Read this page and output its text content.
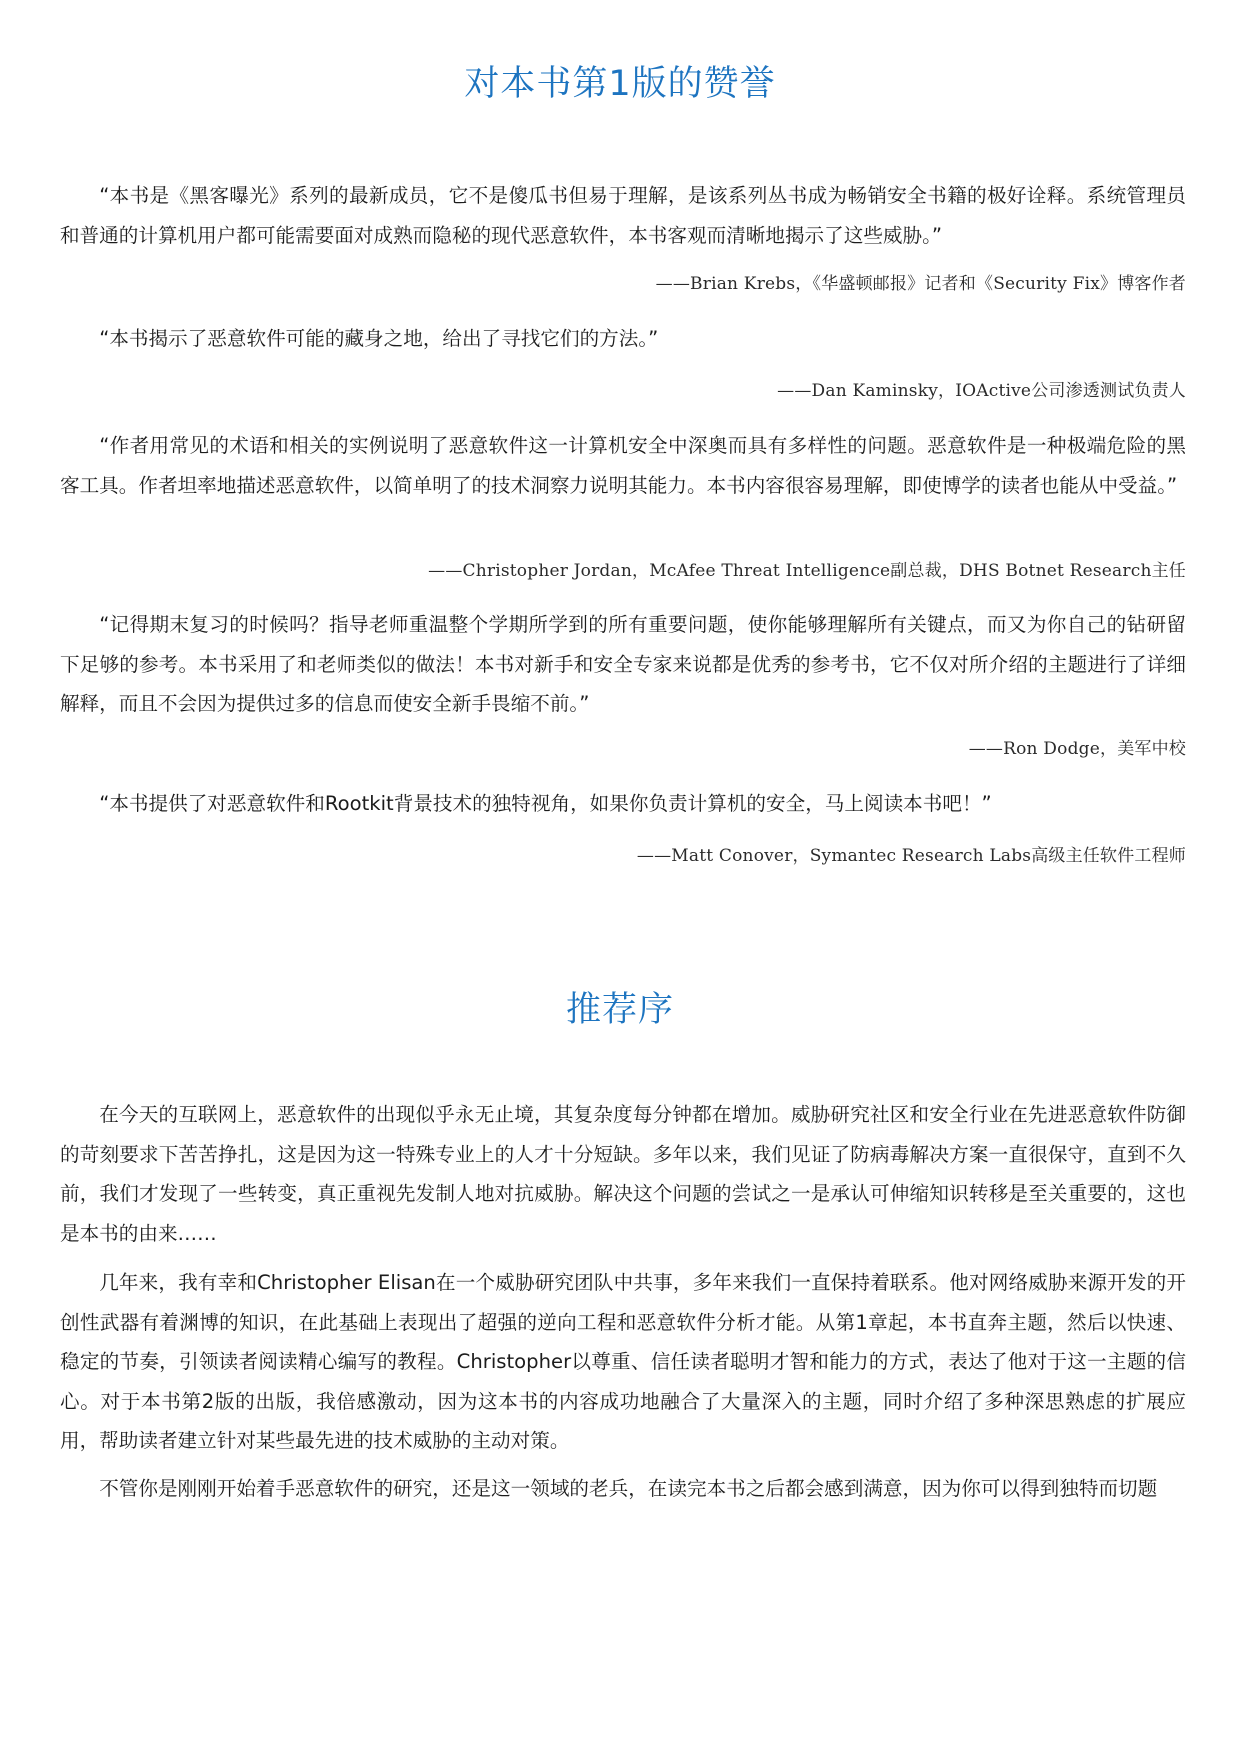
对本书第1版的赞誉

“本书是《黑客曝光》系列的最新成员，它不是傻瓜书但易于理解，是该系列丛书成为畅销安全书籍的极好诠释。系统管理员和普通的计算机用户都可能需要面对成熟而隐秘的现代恶意软件，本书客观而清晰地揭示了这些威胁。”

——Brian Krebs，《华盛顿邮报》记者和《Security Fix》博客作者

“本书揭示了恶意软件可能的藏身之地，给出了寻找它们的方法。”

——Dan Kaminsky，IOActive公司渗透测试负责人

“作者用常见的术语和相关的实例说明了恶意软件这一计算机安全中深奥而具有多样性的问题。恶意软件是一种极端危险的黑客工具。作者坦率地描述恶意软件，以简单明了的技术洞察力说明其能力。本书内容很容易理解，即使博学的读者也能从中受益。”

——Christopher Jordan，McAfee Threat Intelligence副总裁，DHS Botnet Research主任

“记得期末复习的时候吗？指导老师重温整个学期所学到的所有重要问题，使你能够理解所有关键点，而又为你自己的钻研留下足够的参考。本书采用了和老师类似的做法！本书对新手和安全专家来说都是优秀的参考书，它不仅对所介绍的主题进行了详细解释，而且不会因为提供过多的信息而使安全新手畏缩不前。”

——Ron Dodge，美军中校

“本书提供了对恶意软件和Rootkit背景技术的独特视角，如果你负责计算机的安全，马上阅读本书吧！”

——Matt Conover，Symantec Research Labs高级主任软件工程师
推荐序

在今天的互联网上，恶意软件的出现似乎永无止境，其复杂度每分钟都在增加。威胁研究社区和安全行业在先进恶意软件防御的苛刻要求下苦苦挣扎，这是因为这一特殊专业上的人才十分短缺。多年以来，我们见证了防病毒解决方案一直很保守，直到不久前，我们才发现了一些转变，真正重视先发制人地对抗威胁。解决这个问题的尝试之一是承认可伸缩知识转移是至关重要的，这也是本书的由来……

几年来，我有幸和Christopher Elisan在一个威胁研究团队中共事，多年来我们一直保持着联系。他对网络威胁来源开发的开创性武器有着渊博的知识，在此基础上表现出了超强的逆向工程和恶意软件分析才能。从第1章起，本书直奔主题，然后以快速、稳定的节奏，引领读者阅读精心编写的教程。Christopher以尊重、信任读者聪明才智和能力的方式，表达了他对于这一主题的信心。对于本书第2版的出版，我倍感激动，因为这本书的内容成功地融合了大量深入的主题，同时介绍了多种深思熟虑的扩展应用，帮助读者建立针对某些最先进的技术威胁的主动对策。

不管你是刚刚开始着手恶意软件的研究，还是这一领域的老兵，在读完本书之后都会感到满意，因为你可以得到独特而切题
